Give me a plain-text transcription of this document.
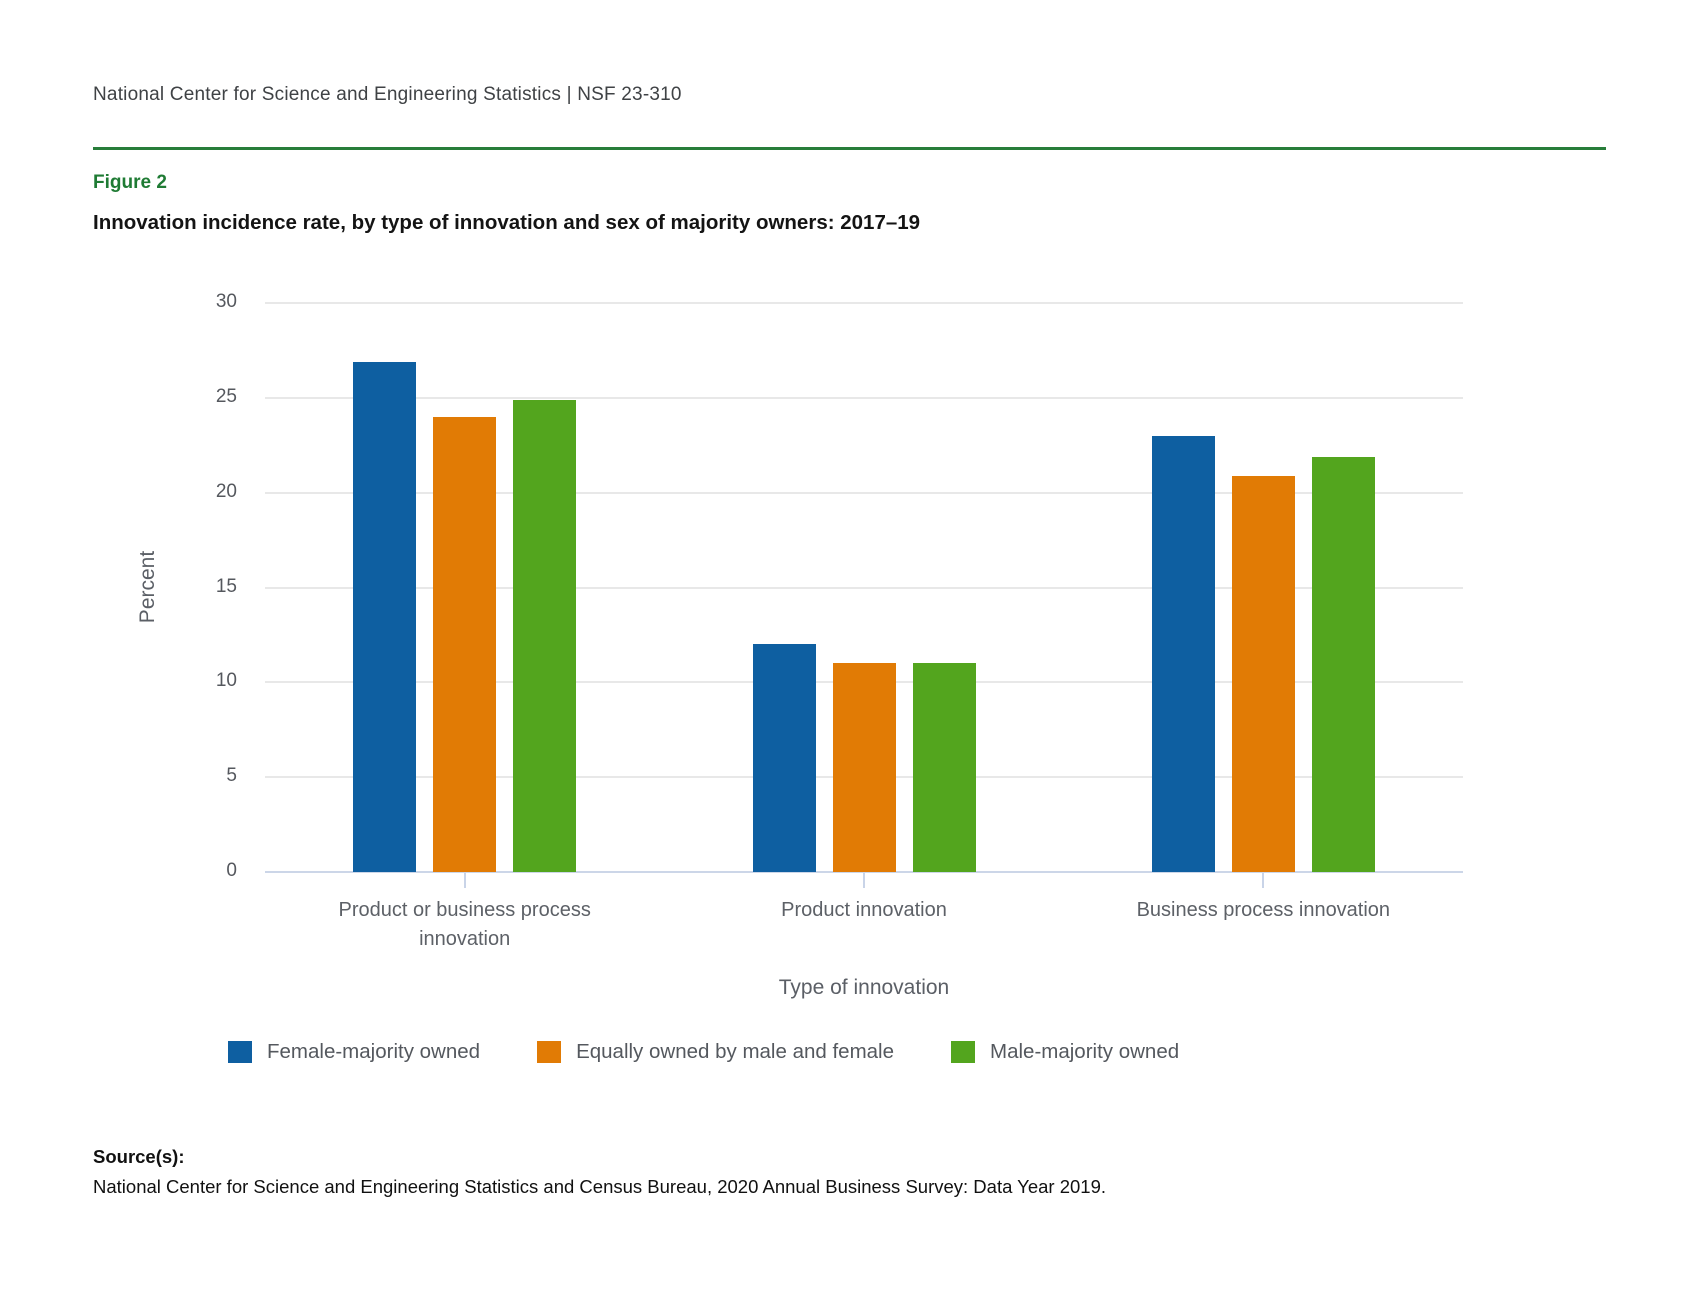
National Center for Science and Engineering Statistics | NSF 23-310
Figure 2
Innovation incidence rate, by type of innovation and sex of majority owners: 2017–19
Percent
Type of innovation
0
5
10
15
20
25
30
Product or business process innovation
Product innovation	Business process innovation
Female-majority owned	Equally owned by male and female	Male-majority owned
Source(s):
National Center for Science and Engineering Statistics and Census Bureau, 2020 Annual Business Survey: Data Year 2019.
